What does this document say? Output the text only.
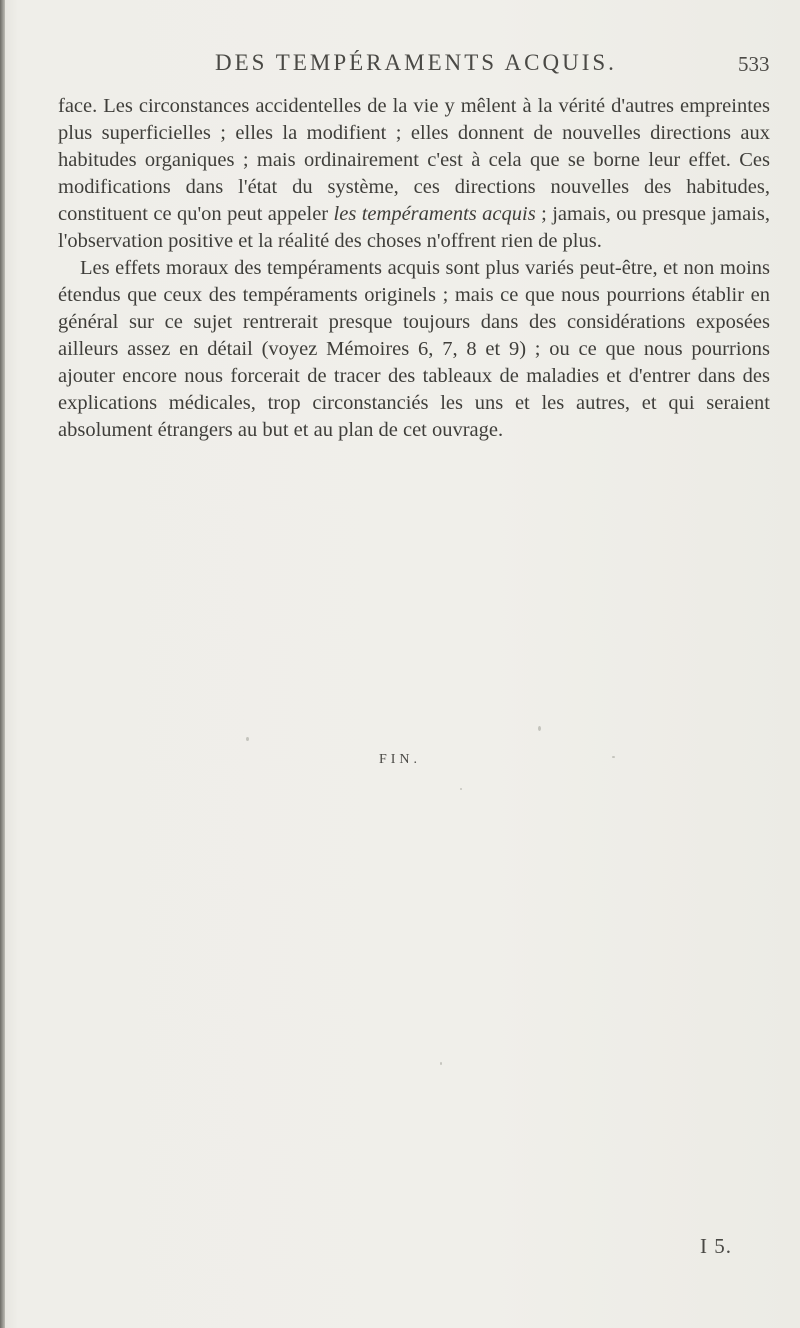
DES TEMPÉRAMENTS ACQUIS.	533

face. Les circonstances accidentelles de la vie y mêlent à la vérité d'autres empreintes plus superficielles ; elles la modifient ; elles donnent de nouvelles directions aux habitudes organiques ; mais ordinairement c'est à cela que se borne leur effet. Ces modifications dans l'état du système, ces directions nouvelles des habitudes, constituent ce qu'on peut appeler les tempéraments acquis ; jamais, ou presque jamais, l'observation positive et la réalité des choses n'offrent rien de plus.

Les effets moraux des tempéraments acquis sont plus variés peut-être, et non moins étendus que ceux des tempéraments originels ; mais ce que nous pourrions établir en général sur ce sujet rentrerait presque toujours dans des considérations exposées ailleurs assez en détail (voyez Mémoires 6, 7, 8 et 9) ; ou ce que nous pourrions ajouter encore nous forcerait de tracer des tableaux de maladies et d'entrer dans des explications médicales, trop circonstanciés les uns et les autres, et qui seraient absolument étrangers au but et au plan de cet ouvrage.

FIN.
I 5.
